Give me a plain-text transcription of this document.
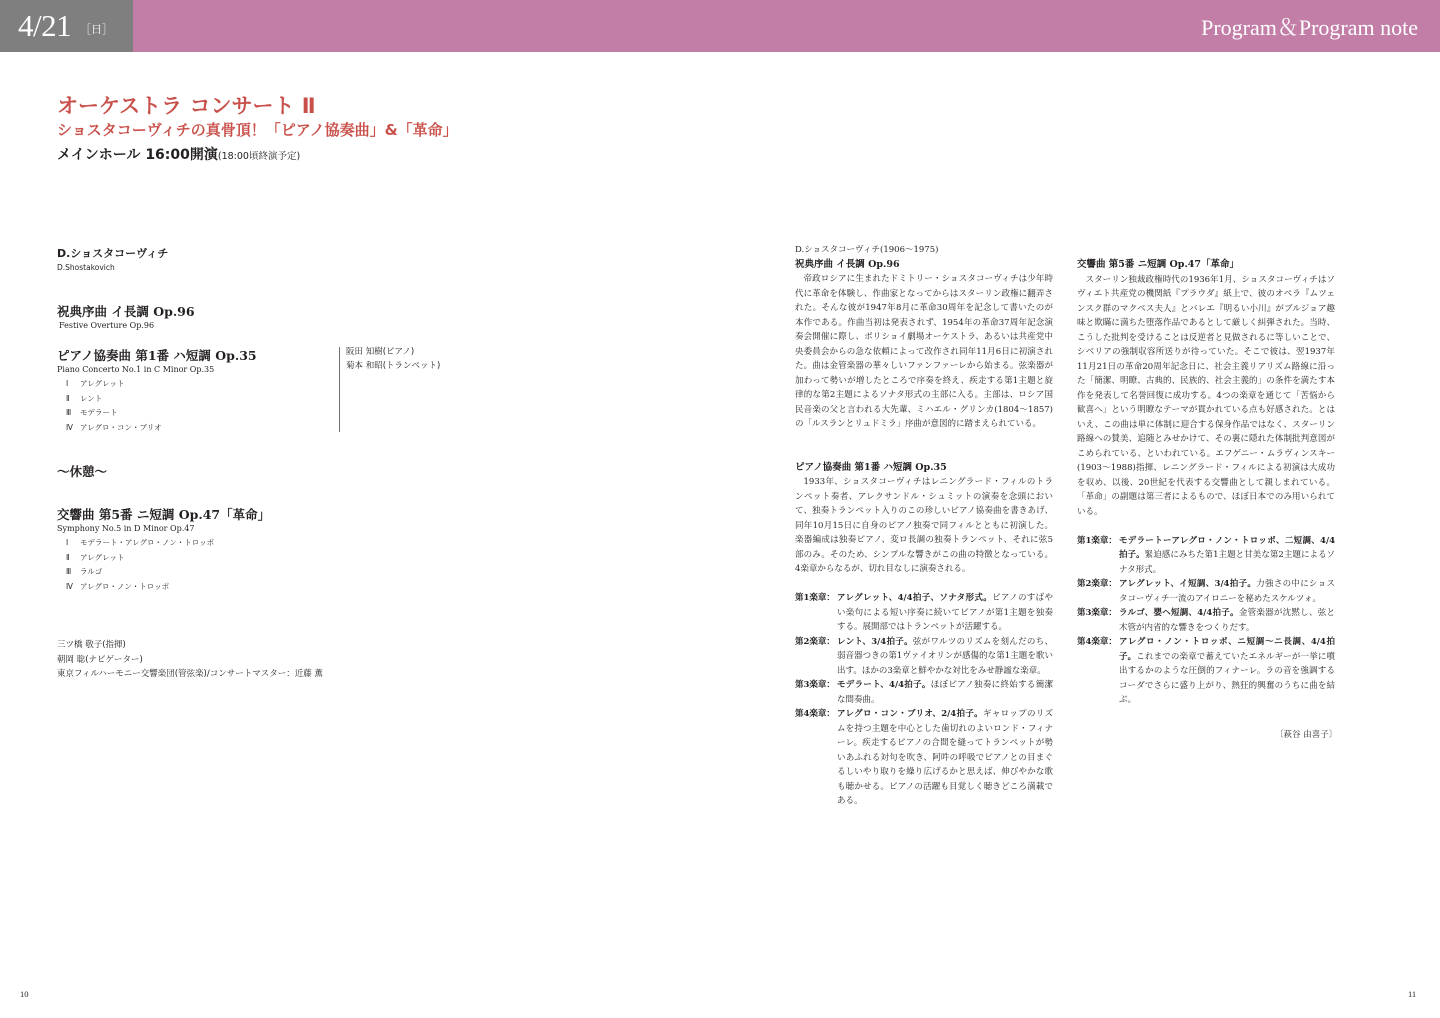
4/21 ［日］	Program＆Program note
オーケストラ コンサート Ⅱ
ショスタコーヴィチの真骨頂！「ピアノ協奏曲」&「革命」
メインホール 16:00開演(18:00頃終演予定)
D.ショスタコーヴィチ
D.Shostakovich
祝典序曲 イ長調 Op.96
Festive Overture Op.96
ピアノ協奏曲 第1番 ハ短調 Op.35
Piano Concerto No.1 in C Minor Op.35
Ⅰ アレグレット
Ⅱ レント
Ⅲ モデラート
Ⅳ アレグロ・コン・ブリオ
阪田 知樹(ピアノ)
菊本 和昭(トランペット)
〜休憩〜
交響曲 第5番 ニ短調 Op.47「革命」
Symphony No.5 in D Minor Op.47
Ⅰ モデラート・アレグロ・ノン・トロッポ
Ⅱ アレグレット
Ⅲ ラルゴ
Ⅳ アレグロ・ノン・トロッポ
三ツ橋 敬子(指揮)
朝岡 聡(ナビゲーター)
東京フィルハーモニー交響楽団(管弦楽)/コンサートマスター：近藤 薫

D.ショスタコーヴィチ(1906〜1975)

祝典序曲 イ長調 Op.96

帝政ロシアに生まれたドミトリー・ショスタコーヴィチは少年時代に革命を体験し、作曲家となってからはスターリン政権に翻弄された。そんな彼が1947年8月に革命30周年を記念して書いたのが本作である。作曲当初は発表されず、1954年の革命37周年記念演奏会開催に際し、ボリショイ劇場オーケストラ、あるいは共産党中央委員会からの急な依頼によって改作され同年11月6日に初演された。曲は金管楽器の華々しいファンファーレから始まる。弦楽器が加わって勢いが増したところで序奏を終え、疾走する第1主題と旋律的な第2主題によるソナタ形式の主部に入る。主部は、ロシア国民音楽の父と言われる大先輩、ミハエル・グリンカ(1804〜1857)の「ルスランとリュドミラ」序曲が意図的に踏まえられている。

ピアノ協奏曲 第1番 ハ短調 Op.35

1933年、ショスタコーヴィチはレニングラード・フィルのトランペット奏者、アレクサンドル・シュミットの演奏を念頭において、独奏トランペット入りのこの珍しいピアノ協奏曲を書きあげ、同年10月15日に自身のピアノ独奏で同フィルとともに初演した。楽器編成は独奏ピアノ、変ロ長調の独奏トランペット、それに弦5部のみ。そのため、シンプルな響きがこの曲の特徴となっている。4楽章からなるが、切れ目なしに演奏される。

第1楽章： アレグレット、4/4拍子、ソナタ形式。ピアノのすばやい楽句による短い序奏に続いてピアノが第1主題を独奏する。展開部ではトランペットが活躍する。

第2楽章： レント、3/4拍子。弦がワルツのリズムを刻んだのち、弱音器つきの第1ヴァイオリンが感傷的な第1主題を歌い出す。ほかの3楽章と鮮やかな対比をみせ静謐な楽章。

第3楽章： モデラート、4/4拍子。ほぼピアノ独奏に終始する簡潔な間奏曲。

第4楽章： アレグロ・コン・ブリオ、2/4拍子。ギャロップのリズムを持つ主題を中心とした歯切れのよいロンド・フィナーレ。疾走するピアノの合間を縫ってトランペットが勢いあふれる対句を吹き、阿吽の呼吸でピアノとの目まぐるしいやり取りを繰り広げるかと思えば、伸びやかな歌も聴かせる。ピアノの活躍も目覚しく聴きどころ満載である。

交響曲 第5番 ニ短調 Op.47「革命」

スターリン独裁政権時代の1936年1月、ショスタコーヴィチはソヴィエト共産党の機関紙『プラウダ』紙上で、彼のオペラ『ムツェンスク群のマクベス夫人』とバレエ『明るい小川』がブルジョア趣味と欺瞞に満ちた堕落作品であるとして厳しく糾弾された。当時、こうした批判を受けることは反逆者と見做されるに等しいことで、シベリアの強制収容所送りが待っていた。そこで彼は、翌1937年11月21日の革命20周年記念日に、社会主義リアリズム路線に沿った「簡潔、明瞭、古典的、民族的、社会主義的」の条件を満たす本作を発表して名誉回復に成功する。4つの楽章を通じて「苦悩から歓喜へ」という明瞭なテーマが貫かれている点も好感された。とはいえ、この曲は単に体制に迎合する保身作品ではなく、スターリン路線への賛美、追随とみせかけて、その裏に隠れた体制批判意図がこめられている、といわれている。エフゲニー・ムラヴィンスキー(1903〜1988)指揮、レニングラード・フィルによる初演は大成功を収め、以後、20世紀を代表する交響曲として親しまれている。「革命」の副題は第三者によるもので、ほぼ日本でのみ用いられている。

第1楽章： モデラートーアレグロ・ノン・トロッポ、二短調、4/4拍子。緊迫感にみちた第1主題と甘美な第2主題によるソナタ形式。

第2楽章： アレグレット、イ短調、3/4拍子。力強さの中にショスタコーヴィチ一流のアイロニーを秘めたスケルツォ。

第3楽章： ラルゴ、嬰ヘ短調、4/4拍子。金管楽器が沈黙し、弦と木管が内省的な響きをつくりだす。

第4楽章： アレグロ・ノン・トロッポ、ニ短調〜ニ長調、4/4拍子。これまでの楽章で蓄えていたエネルギーが一挙に噴出するかのような圧倒的フィナーレ。ラの音を強調するコーダでさらに盛り上がり、熱狂的興奮のうちに曲を結ぶ。

〔萩谷 由喜子〕
10	11
